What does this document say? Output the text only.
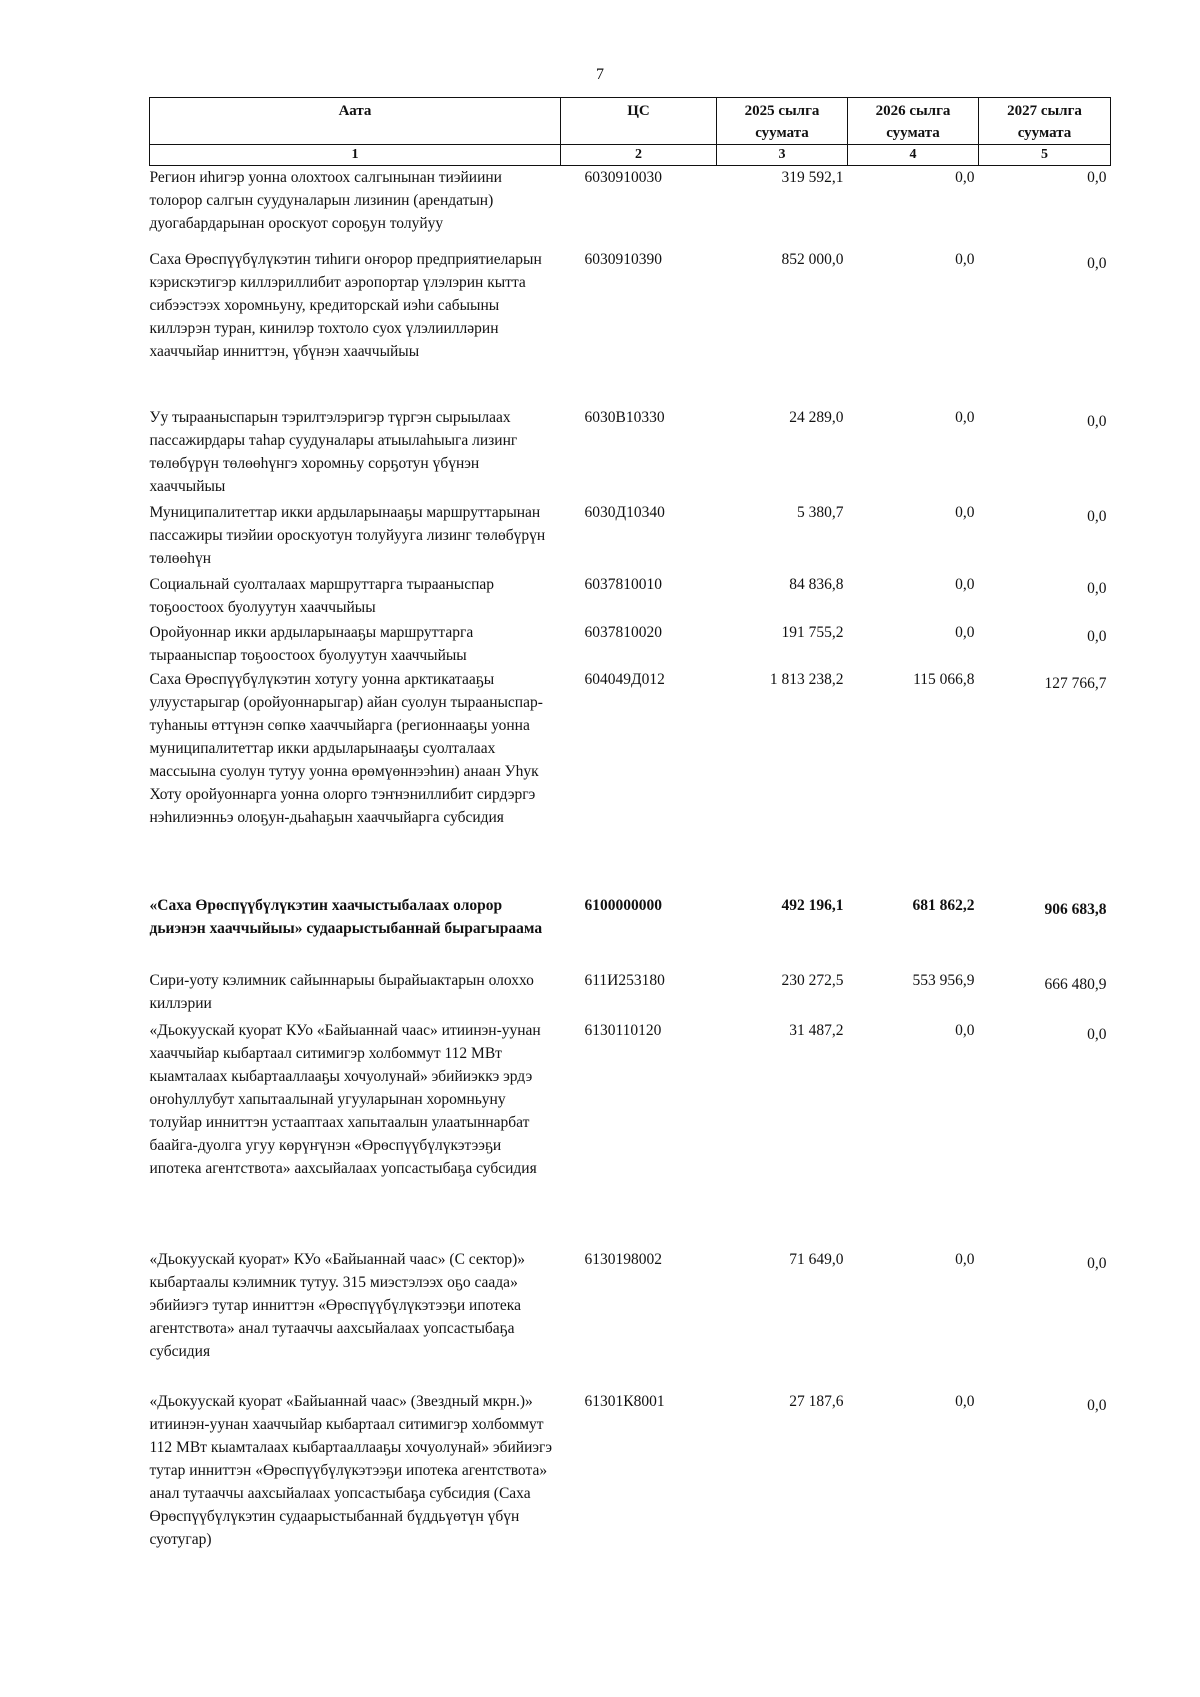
7
Аата	ЦС	2025 сылга суумата	2026 сылга суумата	2027 сылга суумата
1	2	3	4	5
Регион иһигэр уонна олохтоох салгынынан тиэйиини толорор салгын суудуналарын лизинин (арендатын) дуогабардарынан ороскуот сороҕун толуйуу	6030910030	319 592,1	0,0	0,0
Саха Өрөспүүбүлүкэтин тиһиги оҥорор предприятиеларын кэрискэтигэр киллэриллибит аэропортар үлэлэрин кытта сибээстээх хоромньуну, кредиторскай иэһи сабыыны киллэрэн туран, кинилэр тохтоло суох үлэлиилләрин хааччыйар инниттэн, үбүнэн хааччыйыы	6030910390	852 000,0	0,0	0,0
Уу тырааныспарын тэрилтэлэригэр түргэн сырыылаах пассажирдары таһар суудуналары атыылаһыыга лизинг төлөбүрүн төлөөһүнгэ хоромньу сорҕотун үбүнэн хааччыйыы	6030В10330	24 289,0	0,0	0,0
Муниципалитеттар икки ардыларынааҕы маршруттарынан пассажиры тиэйии ороскуотун толуйууга лизинг төлөбүрүн төлөөһүн	6030Д10340	5 380,7	0,0	0,0
Социальнай суолталаах маршруттарга тырааныспар тоҕоостоох буолуутун хааччыйыы	6037810010	84 836,8	0,0	0,0
Оройуоннар икки ардыларынааҕы маршруттарга тырааныспар тоҕоостоох буолуутун хааччыйыы	6037810020	191 755,2	0,0	0,0
Саха Өрөспүүбүлүкэтин хотугу уонна арктикатааҕы улуустарыгар (оройуоннарыгар) айан суолун тырааныспар-туһаныы өттүнэн сөпкө хааччыйарга (регионнааҕы уонна муниципалитеттар икки ардыларынааҕы суолталаах массыына суолун тутуу уонна өрөмүөннээһин) анаан Уһук Хоту оройуоннарга уонна олорго тэҥнэниллибит сирдэргэ нэһилиэнньэ олоҕун-дьаһаҕын хааччыйарга субсидия	604049Д012	1 813 238,2	115 066,8	127 766,7
«Саха Өрөспүүбүлүкэтин хаачыстыбалаах олорор дьиэнэн хааччыйыы» судаарыстыбаннай бырагыраама	6100000000	492 196,1	681 862,2	906 683,8
Сири-уоту кэлимник сайыннарыы бырайыактарын олоххо киллэрии	611И253180	230 272,5	553 956,9	666 480,9
«Дьокуускай куорат КУо «Байыаннай чаас» итиинэн-уунан хааччыйар кыбартаал ситимигэр холбоммут 112 МВт кыамталаах кыбартааллааҕы хочуолунай» эбийиэккэ эрдэ оҥоһуллубут хапытаалынай угууларынан хоромньуну толуйар инниттэн устааптаах хапытаалын улаатыннарбат баайга-дуолга угуу көрүҥүнэн «Өрөспүүбүлүкэтээҕи ипотека агентствота» аахсыйалаах уопсастыбаҕа субсидия	6130110120	31 487,2	0,0	0,0
«Дьокуускай куорат» КУо «Байыаннай чаас» (С сектор)» кыбартаалы кэлимник тутуу. 315 миэстэлээх оҕо саада» эбийиэгэ тутар инниттэн «Өрөспүүбүлүкэтээҕи ипотека агентствота» анал тутааччы аахсыйалаах уопсастыбаҕа субсидия	6130198002	71 649,0	0,0	0,0
«Дьокуускай куорат «Байыаннай чаас» (Звездный мкрн.)» итиинэн-уунан хааччыйар кыбартаал ситимигэр холбоммут 112 МВт кыамталаах кыбартааллааҕы хочуолунай» эбийиэгэ тутар инниттэн «Өрөспүүбүлүкэтээҕи ипотека агентствота» анал тутааччы аахсыйалаах уопсастыбаҕа субсидия (Саха Өрөспүүбүлүкэтин судаарыстыбаннай бүддьүөтүн үбүн суотугар)	61301К8001	27 187,6	0,0	0,0
